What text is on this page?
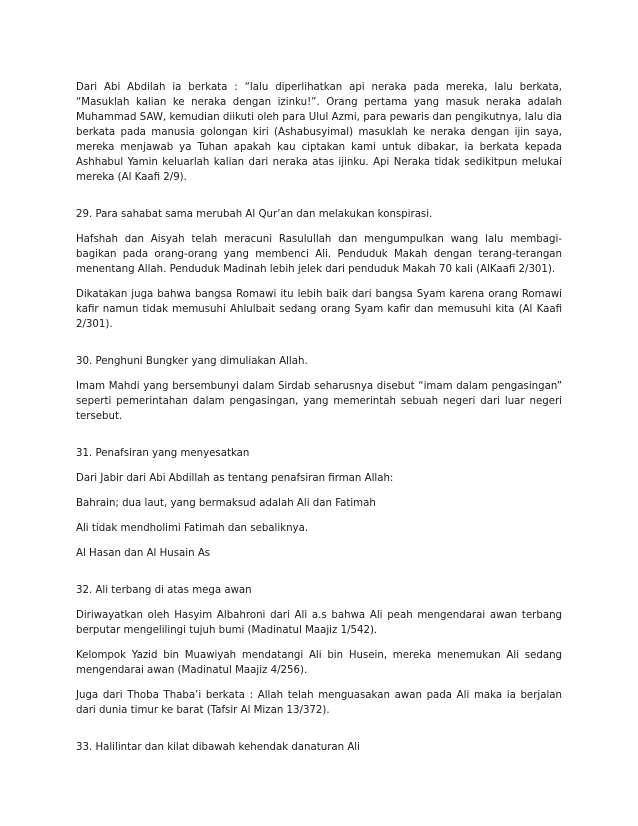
Dari Abi Abdilah ia berkata : “lalu diperlihatkan api neraka pada mereka, lalu berkata, “Masuklah kalian ke neraka dengan izinku!”. Orang pertama yang masuk neraka adalah Muhammad SAW, kemudian diikuti oleh para Ulul Azmi, para pewaris dan pengikutnya, lalu dia berkata pada manusia golongan kiri (Ashabusyimal) masuklah ke neraka dengan ijin saya, mereka menjawab ya Tuhan apakah kau ciptakan kami untuk dibakar, ia berkata kepada Ashhabul Yamin keluarlah kalian dari neraka atas ijinku. Api Neraka tidak sedikitpun melukai mereka (Al Kaafi 2/9).

29. Para sahabat sama merubah Al Qur’an dan melakukan konspirasi.

Hafshah dan Aisyah telah meracuni Rasulullah dan mengumpulkan wang lalu membagi-bagikan pada orang-orang yang membenci Ali. Penduduk Makah dengan terang-terangan menentang Allah. Penduduk Madinah lebih jelek dari penduduk Makah 70 kali (AlKaafi 2/301).

Dikatakan juga bahwa bangsa Romawi itu lebih baik dari bangsa Syam karena orang Romawi kafir namun tidak memusuhi Ahlulbait sedang orang Syam kafir dan memusuhi kita (Al Kaafi 2/301).

30. Penghuni Bungker yang dimuliakan Allah.

Imam Mahdi yang bersembunyi dalam Sirdab seharusnya disebut “imam dalam pengasingan” seperti pemerintahan dalam pengasingan, yang memerintah sebuah negeri dari luar negeri tersebut.

31. Penafsiran yang menyesatkan

Dari Jabir dari Abi Abdillah as tentang penafsiran firman Allah:

Bahrain; dua laut, yang bermaksud adalah Ali dan Fatimah

Ali tidak mendholimi Fatimah dan sebaliknya.

Al Hasan dan Al Husain As

32. Ali terbang di atas mega awan

Diriwayatkan oleh Hasyim Albahroni dari Ali a.s bahwa Ali peah mengendarai awan terbang berputar mengelilingi tujuh bumi (Madinatul Maajiz 1/542).

Kelompok Yazid bin Muawiyah mendatangi Ali bin Husein, mereka menemukan Ali sedang mengendarai awan (Madinatul Maajiz 4/256).

Juga dari Thoba Thaba’i berkata : Allah telah menguasakan awan pada Ali maka ia berjalan dari dunia timur ke barat (Tafsir Al Mizan 13/372).

33. Halilintar dan kilat dibawah kehendak danaturan Ali
